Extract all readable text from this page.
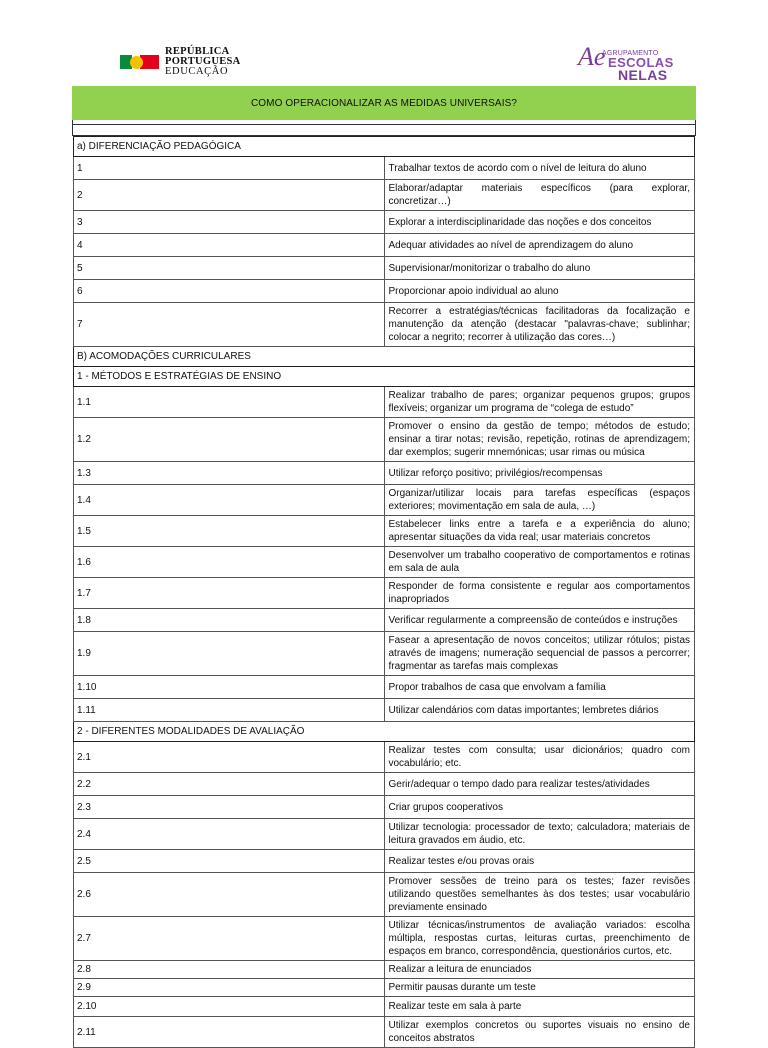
REPÚBLICA
PORTUGUESA
EDUCAÇÃO
Ae
AGRUPAMENTO
ESCOLAS
NELAS
COMO OPERACIONALIZAR AS MEDIDAS UNIVERSAIS?
a) DIFERENCIAÇÃO PEDAGÓGICA	
1	Trabalhar textos de acordo com o nível de leitura do aluno
2	Elaborar/adaptar materiais específicos (para explorar, concretizar…)
3	Explorar a interdisciplinaridade das noções e dos conceitos
4	Adequar atividades ao nível de aprendizagem do aluno
5	Supervisionar/monitorizar o trabalho do aluno
6	Proporcionar apoio individual ao aluno
7	Recorrer a estratégias/técnicas facilitadoras da focalização e manutenção da atenção (destacar "palavras-chave; sublinhar; colocar a negrito; recorrer à utilização das cores…)
B) ACOMODAÇÕES CURRICULARES	
1 - MÉTODOS E ESTRATÉGIAS DE ENSINO	
1.1	Realizar trabalho de pares; organizar pequenos grupos; grupos flexíveis; organizar um programa de “colega de estudo”
1.2	Promover o ensino da gestão de tempo; métodos de estudo; ensinar a tirar notas; revisão, repetição, rotinas de aprendizagem; dar exemplos; sugerir mnemónicas; usar rimas ou música
1.3	Utilizar reforço positivo; privilégios/recompensas
1.4	Organizar/utilizar locais para tarefas específicas (espaços exteriores; movimentação em sala de aula, …)
1.5	Estabelecer links entre a tarefa e a experiência do aluno; apresentar situações da vida real; usar materiais concretos
1.6	Desenvolver um trabalho cooperativo de comportamentos e rotinas em sala de aula
1.7	Responder de forma consistente e regular aos comportamentos inapropriados
1.8	Verificar regularmente a compreensão de conteúdos e instruções
1.9	Fasear a apresentação de novos conceitos; utilizar rótulos; pistas através de imagens; numeração sequencial de passos a percorrer; fragmentar as tarefas mais complexas
1.10	Propor trabalhos de casa que envolvam a família
1.11	Utilizar calendários com datas importantes; lembretes diários
2 - DIFERENTES MODALIDADES DE AVALIAÇÃO	
2.1	Realizar testes com consulta; usar dicionários; quadro com vocabulário; etc.
2.2	Gerir/adequar o tempo dado para realizar testes/atividades
2.3	Criar grupos cooperativos
2.4	Utilizar tecnologia: processador de texto; calculadora; materiais de leitura gravados em áudio, etc.
2.5	Realizar testes e/ou provas orais
2.6	Promover sessões de treino para os testes; fazer revisões utilizando questões semelhantes às dos testes; usar vocabulário previamente ensinado
2.7	Utilizar técnicas/instrumentos de avaliação variados: escolha múltipla, respostas curtas, leituras curtas, preenchimento de espaços em branco, correspondência, questionários curtos, etc.
2.8	Realizar a leitura de enunciados
2.9	Permitir pausas durante um teste
2.10	Realizar teste em sala à parte
2.11	Utilizar exemplos concretos ou suportes visuais no ensino de conceitos abstratos
